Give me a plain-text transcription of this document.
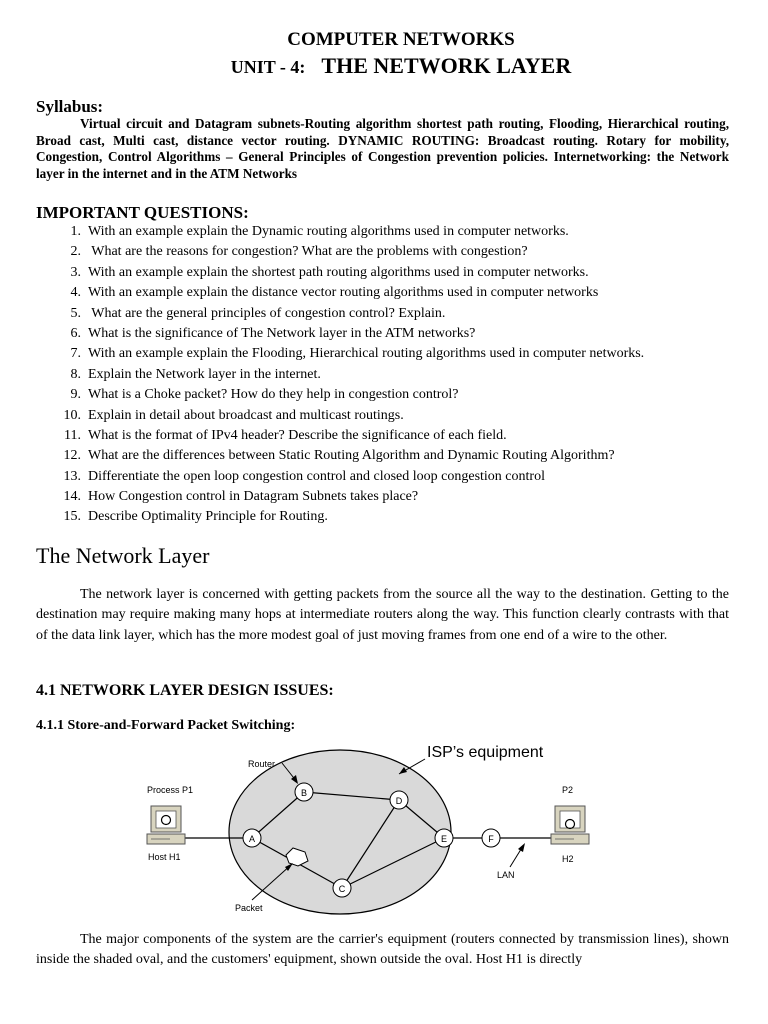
COMPUTER NETWORKS
UNIT - 4: THE NETWORK LAYER
Syllabus:
Virtual circuit and Datagram subnets-Routing algorithm shortest path routing, Flooding, Hierarchical routing, Broad cast, Multi cast, distance vector routing. DYNAMIC ROUTING: Broadcast routing. Rotary for mobility, Congestion, Control Algorithms – General Principles of Congestion prevention policies. Internetworking: the Network layer in the internet and in the ATM Networks
IMPORTANT QUESTIONS:
1. With an example explain the Dynamic routing algorithms used in computer networks.
2.   What are the reasons for congestion? What are the problems with congestion?
3. With an example explain the shortest path routing algorithms used in computer networks.
4. With an example explain the distance vector routing algorithms used in computer networks
5.   What are the general principles of congestion control? Explain.
6. What is the significance of The Network layer in the ATM networks?
7. With an example explain the Flooding, Hierarchical routing algorithms used in computer networks.
8. Explain the Network layer in the internet.
9. What is a Choke packet? How do they help in congestion control?
10. Explain in detail about broadcast and multicast routings.
11. What is the format of IPv4 header? Describe the significance of each field.
12. What are the differences between Static Routing Algorithm and Dynamic Routing Algorithm?
13. Differentiate the open loop congestion control and closed loop congestion control
14. How Congestion control in Datagram Subnets takes place?
15. Describe Optimality Principle for Routing.
The Network Layer
The network layer is concerned with getting packets from the source all the way to the destination. Getting to the destination may require making many hops at intermediate routers along the way. This function clearly contrasts with that of the data link layer, which has the more modest goal of just moving frames from one end of a wire to the other.
4.1 NETWORK LAYER DESIGN ISSUES:
4.1.1 Store-and-Forward Packet Switching:
The major components of the system are the carrier's equipment (routers connected by transmission lines), shown inside the shaded oval, and the customers' equipment, shown outside the oval. Host H1 is directly
ISP’s equipment
Router
A
B
C
D
E	F
Packet
Process P1
Host H1
P2
H2
LAN
